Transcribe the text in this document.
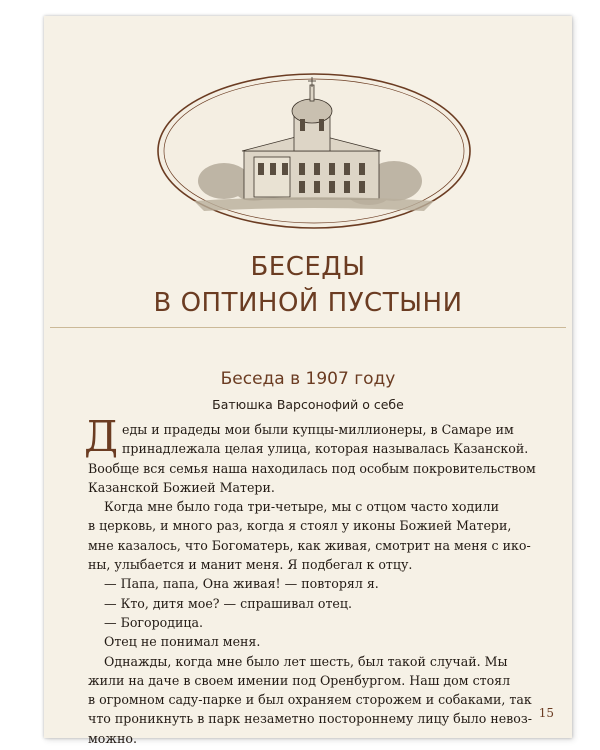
БЕСЕДЫ
В ОПТИНОЙ ПУСТЫНИ
Беседа в 1907 году
Батюшка Варсонофий о себе
Д еды и прадеды мои были купцы-миллионеры, в Самаре им
принадлежала целая улица, которая называлась Казанской.
Вообще вся семья наша находилась под особым покровительством
Казанской Божией Матери.
Когда мне было года три-четыре, мы с отцом часто ходили
в церковь, и много раз, когда я стоял у иконы Божией Матери,
мне казалось, что Богоматерь, как живая, смотрит на меня с ико-
ны, улыбается и манит меня. Я подбегал к отцу.
— Папа, папа, Она живая! — повторял я.
— Кто, дитя мое? — спрашивал отец.
— Богородица.
Отец не понимал меня.
Однажды, когда мне было лет шесть, был такой случай. Мы
жили на даче в своем имении под Оренбургом. Наш дом стоял
в огромном саду-парке и был охраняем сторожем и собаками, так
что проникнуть в парк незаметно постороннему лицу было невоз-
можно.
15
